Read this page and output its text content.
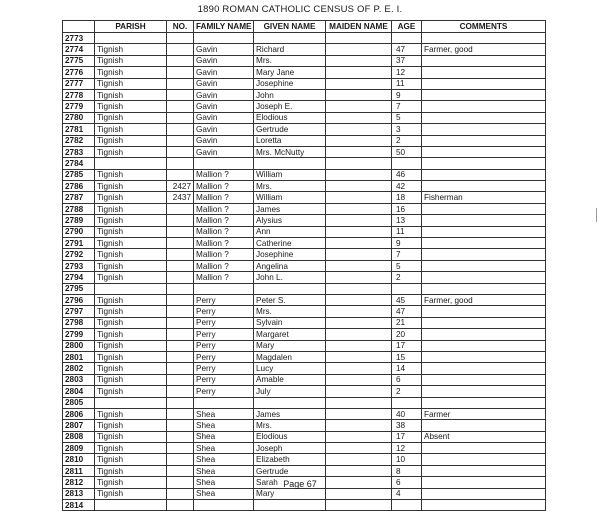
1890 ROMAN CATHOLIC CENSUS OF P. E. I.
	PARISH	NO.	FAMILY NAME	GIVEN NAME	MAIDEN NAME	AGE	COMMENTS
2773							
2774	Tignish		Gavin	Richard		47	Farmer, good
2775	Tignish		Gavin	Mrs.		37	
2776	Tignish		Gavin	Mary Jane		12	
2777	Tignish		Gavin	Josephine		11	
2778	Tignish		Gavin	John		9	
2779	Tignish		Gavin	Joseph E.		7	
2780	Tignish		Gavin	Elodious		5	
2781	Tignish		Gavin	Gertrude		3	
2782	Tignish		Gavin	Loretta		2	
2783	Tignish		Gavin	Mrs. McNutty		50	
2784							
2785	Tignish		Mallion ?	William		46	
2786	Tignish	2427	Mallion ?	Mrs.		42	
2787	Tignish	2437	Mallion ?	William		18	Fisherman
2788	Tignish		Mallion ?	James		16	
2789	Tignish		Mallion ?	Alysius		13	
2790	Tignish		Mallion ?	Ann		11	
2791	Tignish		Mallion ?	Catherine		9	
2792	Tignish		Mallion ?	Josephine		7	
2793	Tignish		Mallion ?	Angelina		5	
2794	Tignish		Mallion ?	John L.		2	
2795							
2796	Tignish		Perry	Peter S.		45	Farmer, good
2797	Tignish		Perry	Mrs.		47	
2798	Tignish		Perry	Sylvain		21	
2799	Tignish		Perry	Margaret		20	
2800	Tignish		Perry	Mary		17	
2801	Tignish		Perry	Magdalen		15	
2802	Tignish		Perry	Lucy		14	
2803	Tignish		Perry	Amable		6	
2804	Tignish		Perry	July		2	
2805							
2806	Tignish		Shea	James		40	Farmer
2807	Tignish		Shea	Mrs.		38	
2808	Tignish		Shea	Elodious		17	Absent
2809	Tignish		Shea	Joseph		12	
2810	Tignish		Shea	Elizabeth		10	
2811	Tignish		Shea	Gertrude		8	
2812	Tignish		Shea	Sarah		6	
2813	Tignish		Shea	Mary		4	
2814							
Page 67
